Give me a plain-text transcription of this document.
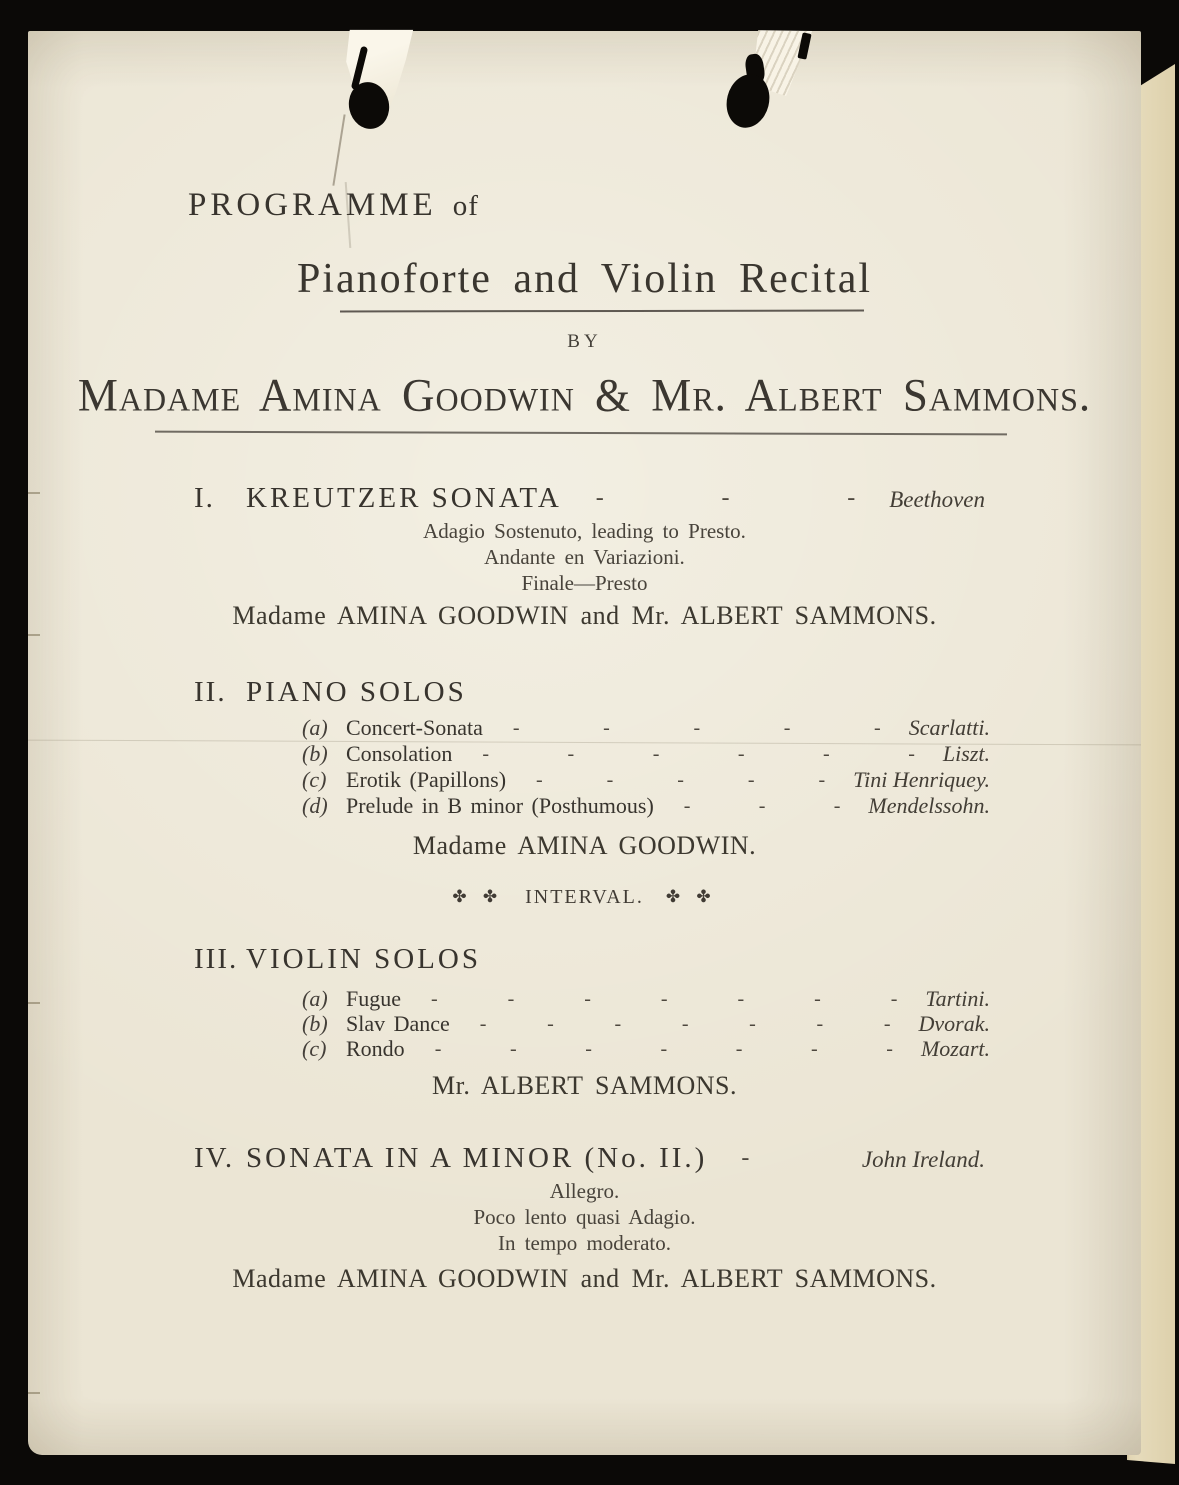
PROGRAMME of
Pianoforte and Violin Recital
BY
Madame Amina Goodwin & Mr. Albert Sammons.
I.	KREUTZER SONATA	- - -	Beethoven
Adagio Sostenuto, leading to Presto.
Andante en Variazioni.
Finale—Presto
Madame AMINA GOODWIN and Mr. ALBERT SAMMONS.
II. PIANO SOLOS
(a) Concert-Sonata	- - - - -	Scarlatti.
(b) Consolation	- - - - - -	Liszt.
(c) Erotik (Papillons)	- - - - -	Tini Henriquey.
(d) Prelude in B minor (Posthumous)	- - -	Mendelssohn.
Madame AMINA GOODWIN.
✤ ✤ INTERVAL. ✤ ✤
III. VIOLIN SOLOS
(a) Fugue	- - - - - - -	Tartini.
(b) Slav Dance	- - - - - - -	Dvorak.
(c) Rondo	- - - - - - -	Mozart.
Mr. ALBERT SAMMONS.
IV. SONATA IN A MINOR (No. II.)	-	John Ireland.
Allegro.
Poco lento quasi Adagio.
In tempo moderato.
Madame AMINA GOODWIN and Mr. ALBERT SAMMONS.
